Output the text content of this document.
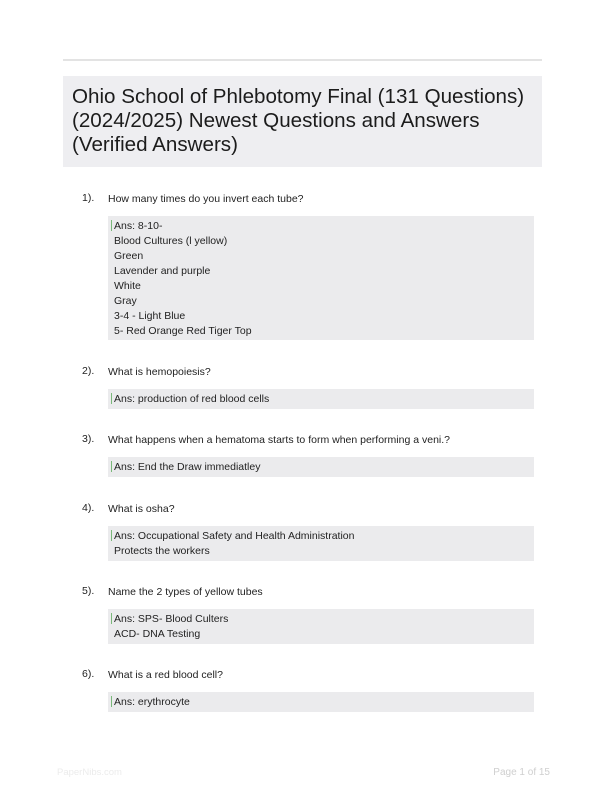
Ohio School of Phlebotomy Final (131 Questions) (2024/2025) Newest Questions and Answers (Verified Answers)
1). How many times do you invert each tube?
Ans: 8-10-
Blood Cultures (l yellow)
Green
Lavender and purple
White
Gray
3-4 - Light Blue
5- Red Orange Red Tiger Top
2). What is hemopoiesis?
Ans: production of red blood cells
3). What happens when a hematoma starts to form when performing a veni.?
Ans: End the Draw immediatley
4). What is osha?
Ans: Occupational Safety and Health Administration
Protects the workers
5). Name the 2 types of yellow tubes
Ans: SPS- Blood Culters
ACD- DNA Testing
6). What is a red blood cell?
Ans: erythrocyte
PaperNibs.com	Page 1 of 15
